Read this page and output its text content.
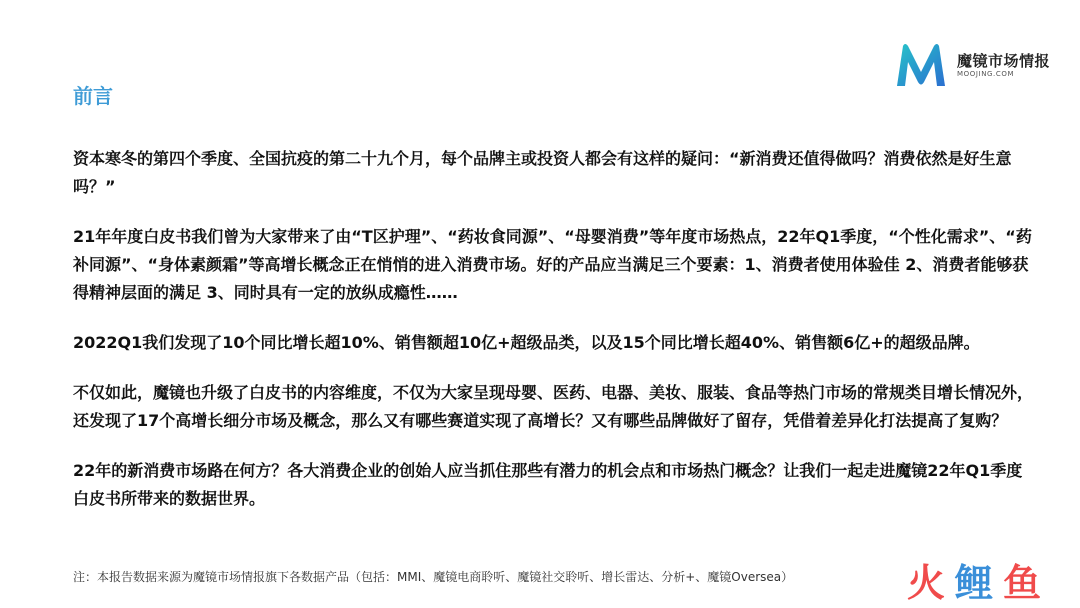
前言
魔镜市场情报
MOOJING.COM

资本寒冬的第四个季度、全国抗疫的第二十九个月，每个品牌主或投资人都会有这样的疑问：“新消费还值得做吗？消费依然是好生意吗？”

21年年度白皮书我们曾为大家带来了由“T区护理”、“药妆食同源”、“母婴消费”等年度市场热点，22年Q1季度，“个性化需求”、“药补同源”、“身体素颜霜”等高增长概念正在悄悄的进入消费市场。好的产品应当满足三个要素：1、消费者使用体验佳 2、消费者能够获得精神层面的满足 3、同时具有一定的放纵成瘾性……

2022Q1我们发现了10个同比增长超10%、销售额超10亿+超级品类，以及15个同比增长超40%、销售额6亿+的超级品牌。

不仅如此，魔镜也升级了白皮书的内容维度，不仅为大家呈现母婴、医药、电器、美妆、服装、食品等热门市场的常规类目增长情况外，还发现了17个高增长细分市场及概念，那么又有哪些赛道实现了高增长？又有哪些品牌做好了留存，凭借着差异化打法提高了复购？

22年的新消费市场路在何方？各大消费企业的创始人应当抓住那些有潜力的机会点和市场热门概念？让我们一起走进魔镜22年Q1季度白皮书所带来的数据世界。

注：本报告数据来源为魔镜市场情报旗下各数据产品（包括：MMI、魔镜电商聆听、魔镜社交聆听、增长雷达、分析+、魔镜Oversea）	火 鲤 鱼
